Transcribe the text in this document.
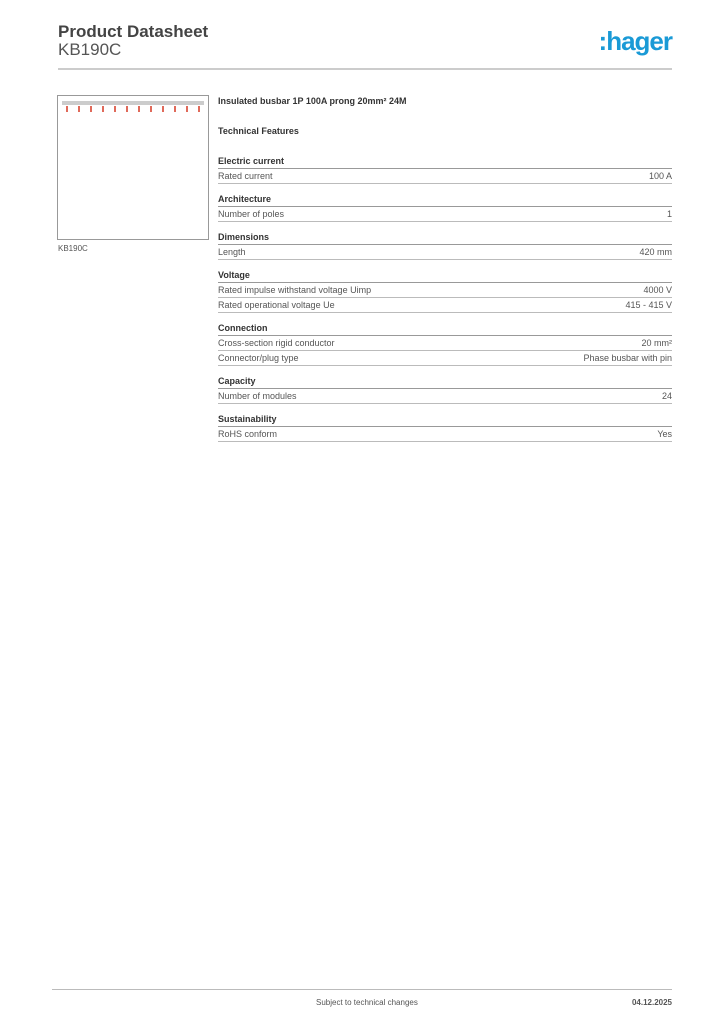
Product Datasheet
KB190C	:hager
KB190C
Insulated busbar 1P 100A prong 20mm² 24M
Technical Features
Electric current
Rated current	100 A
Architecture
Number of poles	1
Dimensions
Length	420 mm
Voltage
Rated impulse withstand voltage Uimp	4000 V
Rated operational voltage Ue	415 - 415 V
Connection
Cross-section rigid conductor	20 mm²
Connector/plug type	Phase busbar with pin
Capacity
Number of modules	24
Sustainability
RoHS conform	Yes
Subject to technical changes	04.12.2025
